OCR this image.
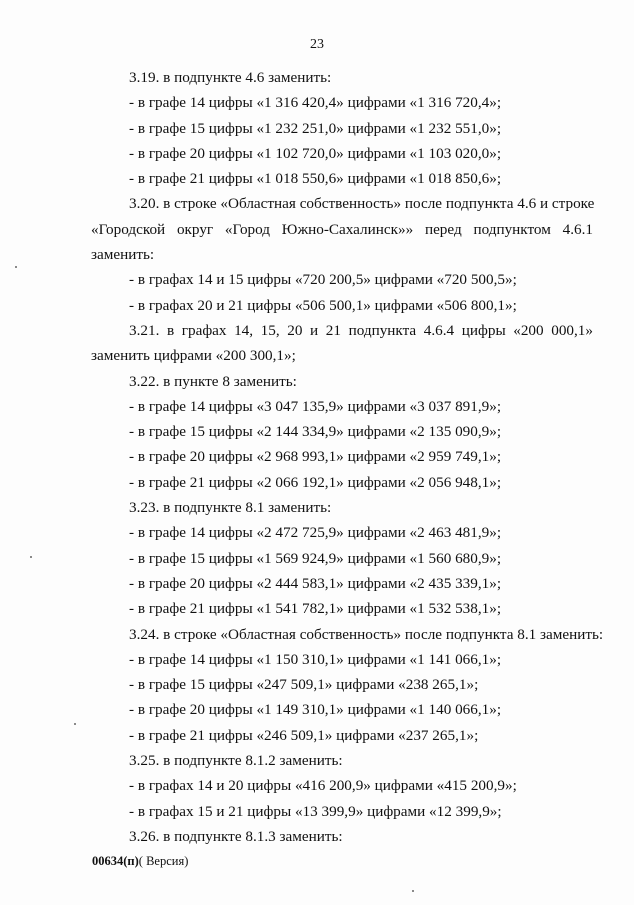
23
3.19. в подпункте 4.6 заменить:
- в графе 14 цифры «1 316 420,4» цифрами «1 316 720,4»;
- в графе 15 цифры «1 232 251,0» цифрами «1 232 551,0»;
- в графе 20 цифры «1 102 720,0» цифрами «1 103 020,0»;
- в графе 21 цифры «1 018 550,6» цифрами «1 018 850,6»;
3.20. в строке «Областная собственность» после подпункта 4.6 и строке
«Городской округ «Город Южно-Сахалинск»» перед подпунктом 4.6.1
заменить:
- в графах 14 и 15 цифры «720 200,5» цифрами «720 500,5»;
- в графах 20 и 21 цифры «506 500,1» цифрами «506 800,1»;
3.21. в графах 14, 15, 20 и 21 подпункта 4.6.4 цифры «200 000,1»
заменить цифрами «200 300,1»;
3.22. в пункте 8 заменить:
- в графе 14 цифры «3 047 135,9» цифрами «3 037 891,9»;
- в графе 15 цифры «2 144 334,9» цифрами «2 135 090,9»;
- в графе 20 цифры «2 968 993,1» цифрами «2 959 749,1»;
- в графе 21 цифры «2 066 192,1» цифрами «2 056 948,1»;
3.23. в подпункте 8.1 заменить:
- в графе 14 цифры «2 472 725,9» цифрами «2 463 481,9»;
- в графе 15 цифры «1 569 924,9» цифрами «1 560 680,9»;
- в графе 20 цифры «2 444 583,1» цифрами «2 435 339,1»;
- в графе 21 цифры «1 541 782,1» цифрами «1 532 538,1»;
3.24. в строке «Областная собственность» после подпункта 8.1 заменить:
- в графе 14 цифры «1 150 310,1» цифрами «1 141 066,1»;
- в графе 15 цифры «247 509,1» цифрами «238 265,1»;
- в графе 20 цифры «1 149 310,1» цифрами «1 140 066,1»;
- в графе 21 цифры «246 509,1» цифрами «237 265,1»;
3.25. в подпункте 8.1.2 заменить:
- в графах 14 и 20 цифры «416 200,9» цифрами «415 200,9»;
- в графах 15 и 21 цифры «13 399,9» цифрами «12 399,9»;
3.26. в подпункте 8.1.3 заменить:
00634(п)( Версия)
